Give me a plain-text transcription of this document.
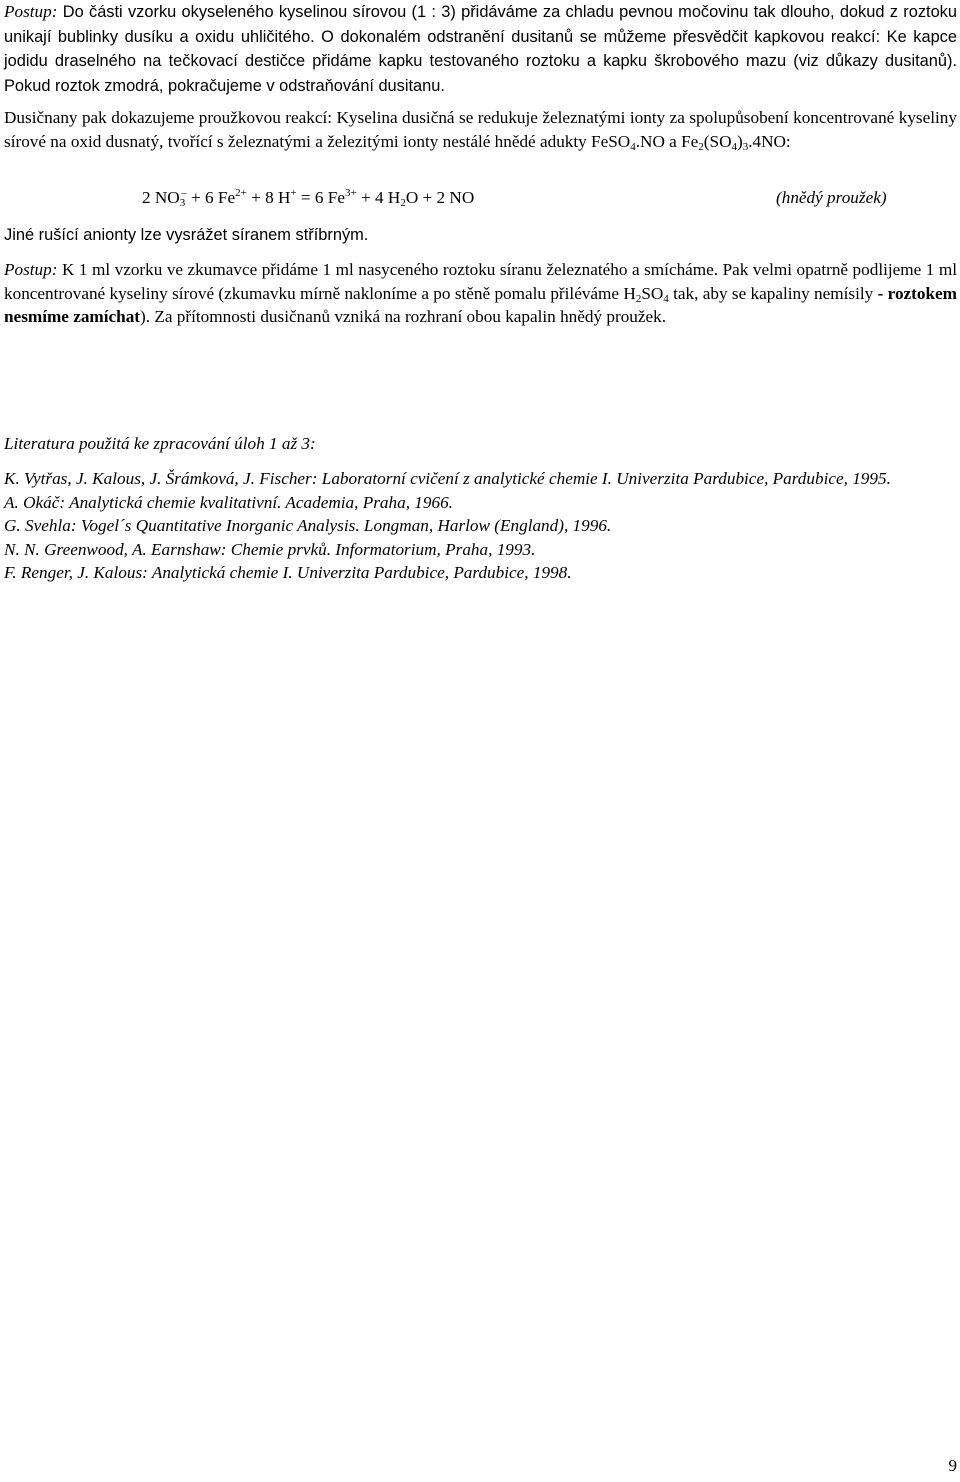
Postup: Do části vzorku okyseleného kyselinou sírovou (1 : 3) přidáváme za chladu pevnou močovinu tak dlouho, dokud z roztoku unikají bublinky dusíku a oxidu uhličitého. O dokonalém odstranění dusitanů se můžeme přesvědčit kapkovou reakcí: Ke kapce jodidu draselného na tečkovací destičce přidáme kapku testovaného roztoku a kapku škrobového mazu (viz důkazy dusitanů). Pokud roztok zmodrá, pokračujeme v odstraňování dusitanu.

Dusičnany pak dokazujeme proužkovou reakcí: Kyselina dusičná se redukuje železnatými ionty za spolupůsobení koncentrované kyseliny sírové na oxid dusnatý, tvořící s železnatými a železitými ionty nestálé hnědé adukty FeSO$_4$.NO a $Fe_2(SO_4)_3.4NO$:

2 $NO_3^- + 6$ $Fe^{2+} + 8$ H+ = 6 $Fe^{3+} + 4$ $H_2O + 2$ NO	(hnědý proužek)

Jiné rušící anionty lze vysrážet síranem stříbrným.

Postup: K 1 ml vzorku ve zkumavce přidáme 1 ml nasyceného roztoku síranu železnatého a smícháme. Pak velmi opatrně podlijeme 1 ml koncentrované kyseliny sírové (zkumavku mírně nakloníme a po stěně pomalu přiléváme $H_2SO_4$ tak, aby se kapaliny nemísily - roztokem nesmíme zamíchat). Za přítomnosti dusičnanů vzniká na rozhraní obou kapalin hnědý proužek.

Literatura použitá ke zpracování úloh 1 až 3:

K. Vytřas, J. Kalous, J. Šrámková, J. Fischer: Laboratorní cvičení z analytické chemie I. Univerzita Pardubice, Pardubice, 1995.
A. Okáč: Analytická chemie kvalitativní. Academia, Praha, 1966.
G. Svehla: Vogel´s Quantitative Inorganic Analysis. Longman, Harlow (England), 1996.
N. N. Greenwood, A. Earnshaw: Chemie prvků. Informatorium, Praha, 1993.
F. Renger, J. Kalous: Analytická chemie I. Univerzita Pardubice, Pardubice, 1998.
9
